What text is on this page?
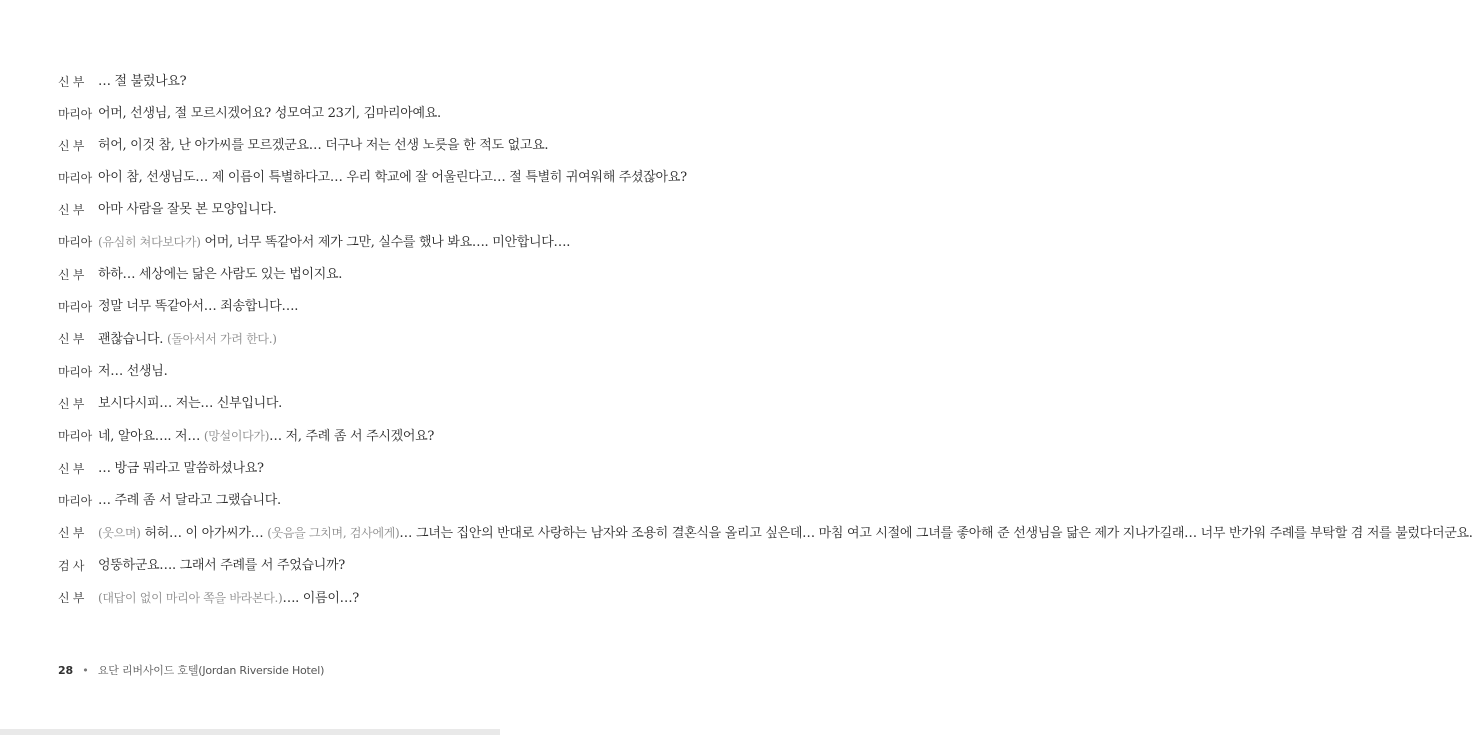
신 부	… 절 불렀나요?
마리아 어머, 선생님, 절 모르시겠어요? 성모여고 23기, 김마리아예요.
신 부	허어, 이것 참, 난 아가씨를 모르겠군요… 더구나 저는 선생 노릇을 한 적도 없고요.
마리아 아이 참, 선생님도… 제 이름이 특별하다고… 우리 학교에 잘 어울린다고… 절 특별히 귀여워해 주셨잖아요?
신 부	아마 사람을 잘못 본 모양입니다.
마리아 (유심히 쳐다보다가) 어머, 너무 똑같아서 제가 그만, 실수를 했나 봐요…. 미안합니다….
신 부	하하… 세상에는 닮은 사람도 있는 법이지요.
마리아 정말 너무 똑같아서… 죄송합니다….
신 부	괜찮습니다. (돌아서서 가려 한다.)
마리아 저… 선생님.
신 부	보시다시피… 저는… 신부입니다.
마리아 네, 알아요…. 저… (망설이다가)… 저, 주례 좀 서 주시겠어요?
신 부	… 방금 뭐라고 말씀하셨나요?
마리아 … 주례 좀 서 달라고 그랬습니다.
신 부	(웃으며) 허허… 이 아가씨가… (웃음을 그치며, 검사에게)… 그녀는 집안의 반대로 사랑하는 남자와 조용히 결혼식을 올리고 싶은데… 마침 여고 시절에 그녀를 좋아해 준 선생님을 닮은 제가 지나가길래… 너무 반가워 주례를 부탁할 겸 저를 불렀다더군요.
검 사	엉뚱하군요…. 그래서 주례를 서 주었습니까?
신 부	(대답이 없이 마리아 쪽을 바라본다.)…. 이름이…?
28 • 요단 리버사이드 호텔(Jordan Riverside Hotel)
